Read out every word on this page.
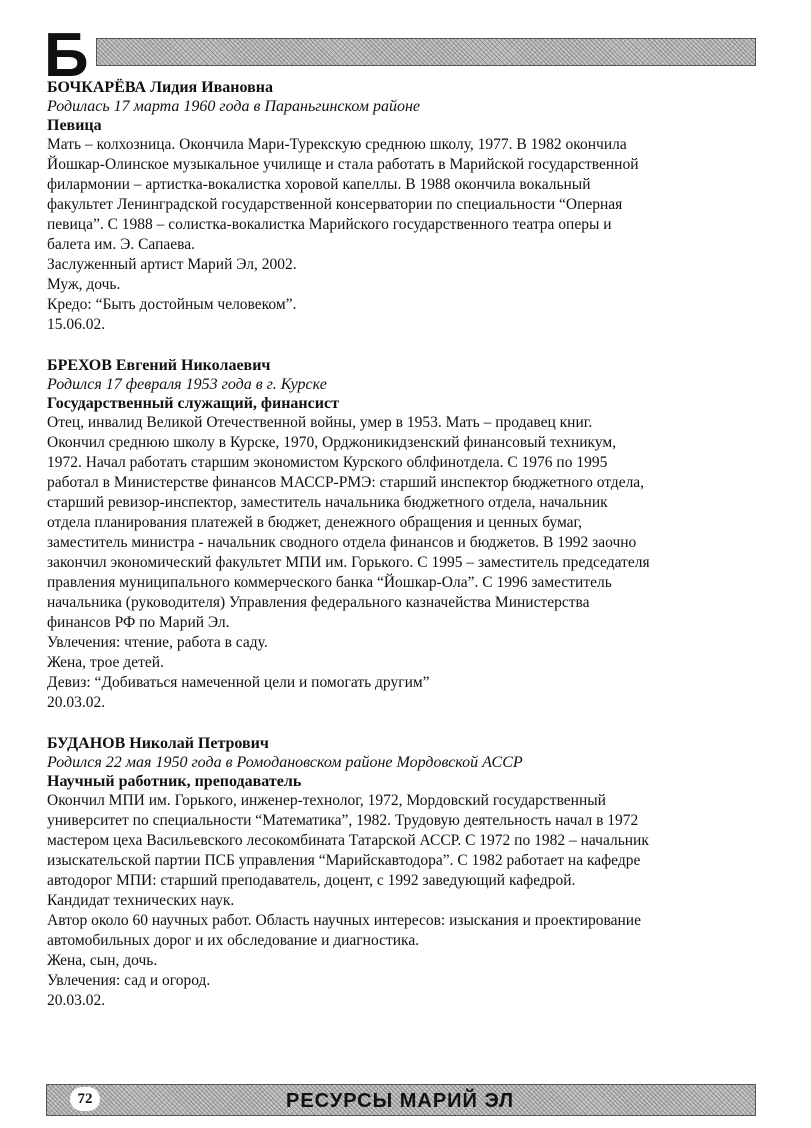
Б
БОЧКАРЁВА Лидия Ивановна
Родилась 17 марта 1960 года в Параньгинском районе
Певица
Мать – колхозница. Окончила Мари-Турекскую среднюю школу, 1977. В 1982 окончила
Йошкар-Олинское музыкальное училище и стала работать в Марийской государственной
филармонии – артистка-вокалистка хоровой капеллы. В 1988 окончила вокальный
факультет Ленинградской государственной консерватории по специальности “Оперная
певица”. С 1988 – солистка-вокалистка Марийского государственного театра оперы и
балета им. Э. Сапаева.
Заслуженный артист Марий Эл, 2002.
Муж, дочь.
Кредо: “Быть достойным человеком”.
15.06.02.
БРЕХОВ Евгений Николаевич
Родился 17 февраля 1953 года в г. Курске
Государственный служащий, финансист
Отец, инвалид Великой Отечественной войны, умер в 1953. Мать – продавец книг.
Окончил среднюю школу в Курске, 1970, Орджоникидзенский финансовый техникум,
1972. Начал работать старшим экономистом Курского облфинотдела. С 1976 по 1995
работал в Министерстве финансов МАССР-РМЭ: старший инспектор бюджетного отдела,
старший ревизор-инспектор, заместитель начальника бюджетного отдела, начальник
отдела планирования платежей в бюджет, денежного обращения и ценных бумаг,
заместитель министра - начальник сводного отдела финансов и бюджетов. В 1992 заочно
закончил экономический факультет МПИ им. Горького. С 1995 – заместитель председателя
правления муниципального коммерческого банка “Йошкар-Ола”. С 1996 заместитель
начальника (руководителя) Управления федерального казначейства Министерства
финансов РФ по Марий Эл.
Увлечения: чтение, работа в саду.
Жена, трое детей.
Девиз: “Добиваться намеченной цели и помогать другим”
20.03.02.
БУДАНОВ Николай Петрович
Родился 22 мая 1950 года в Ромодановском районе Мордовской АССР
Научный работник, преподаватель
Окончил МПИ им. Горького, инженер-технолог, 1972, Мордовский государственный
университет по специальности “Математика”, 1982. Трудовую деятельность начал в 1972
мастером цеха Васильевского лесокомбината Татарской АССР. С 1972 по 1982 – начальник
изыскательской партии ПСБ управления “Марийскавтодора”. С 1982 работает на кафедре
автодорог МПИ: старший преподаватель, доцент, с 1992 заведующий кафедрой.
Кандидат технических наук.
Автор около 60 научных работ. Область научных интересов: изыскания и проектирование
автомобильных дорог и их обследование и диагностика.
Жена, сын, дочь.
Увлечения: сад и огород.
20.03.02.
72	РЕСУРСЫ МАРИЙ ЭЛ
